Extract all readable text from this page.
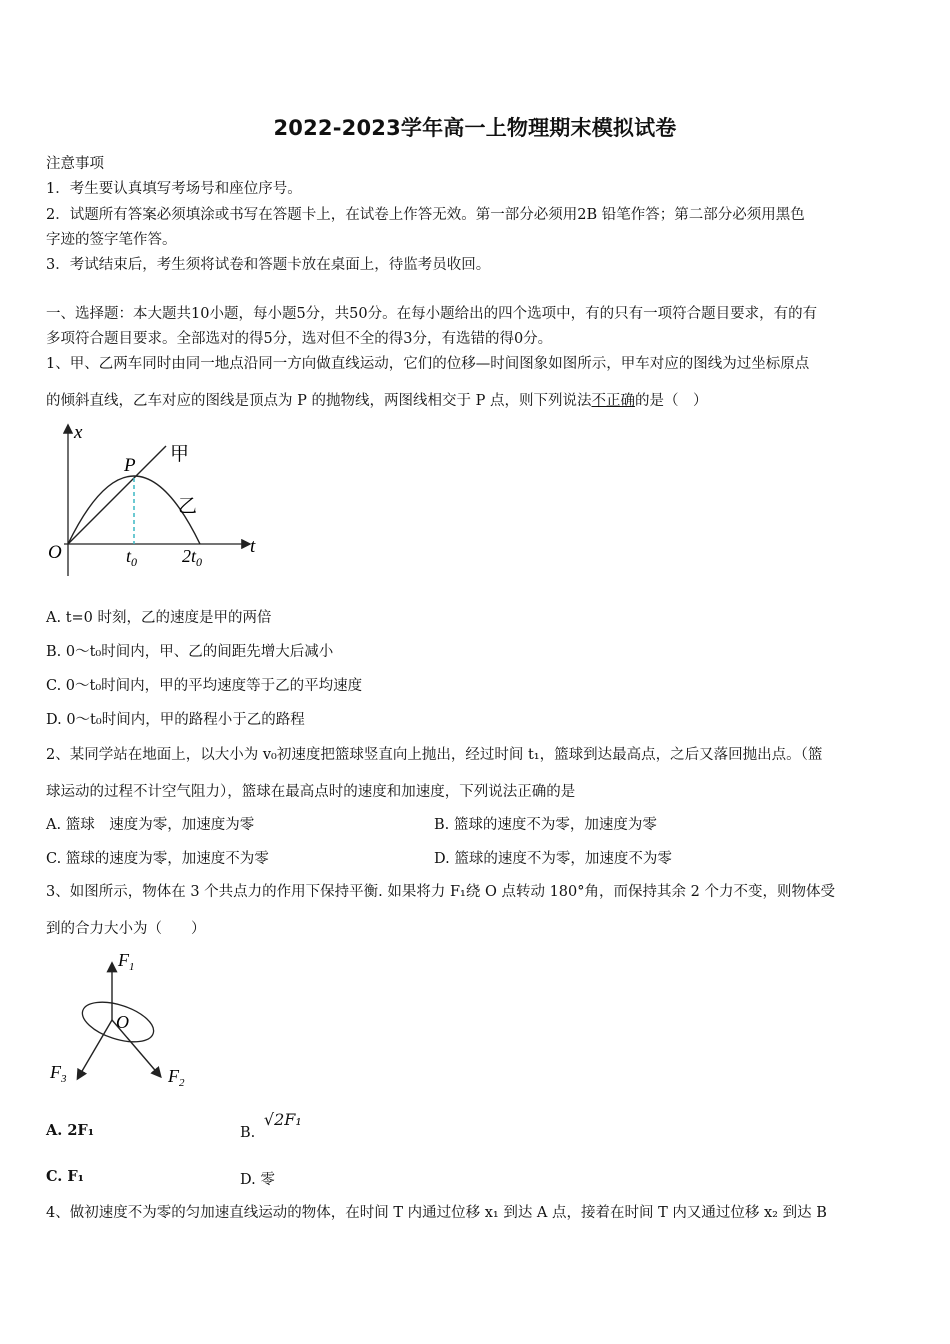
2022-2023学年高一上物理期末模拟试卷
注意事项
1．考生要认真填写考场号和座位序号。
2．试题所有答案必须填涂或书写在答题卡上，在试卷上作答无效。第一部分必须用2B 铅笔作答；第二部分必须用黑色
字迹的签字笔作答。
3．考试结束后，考生须将试卷和答题卡放在桌面上，待监考员收回。
一、选择题：本大题共10小题，每小题5分，共50分。在每小题给出的四个选项中，有的只有一项符合题目要求，有的有
多项符合题目要求。全部选对的得5分，选对但不全的得3分，有选错的得0分。
1、甲、乙两车同时由同一地点沿同一方向做直线运动，它们的位移—时间图象如图所示，甲车对应的图线为过坐标原点
的倾斜直线，乙车对应的图线是顶点为 P 的抛物线，两图线相交于 P 点，则下列说法不正确的是（　）
x
t
O
P
甲
乙
$t_0$ $2t_0$
A. t=0 时刻，乙的速度是甲的两倍
B. 0～t₀时间内，甲、乙的间距先增大后减小
C. 0～t₀时间内，甲的平均速度等于乙的平均速度
D. 0～t₀时间内，甲的路程小于乙的路程
2、某同学站在地面上，以大小为 v₀初速度把篮球竖直向上抛出，经过时间 t₁，篮球到达最高点，之后又落回抛出点。（篮
球运动的过程不计空气阻力），篮球在最高点时的速度和加速度，下列说法正确的是
A. 篮球　速度为零，加速度为零	B. 篮球的速度不为零，加速度为零
C. 篮球的速度为零，加速度不为零	D. 篮球的速度不为零，加速度不为零
3、如图所示，物体在 3 个共点力的作用下保持平衡. 如果将力 F₁绕 O 点转动 180°角，而保持其余 2 个力不变，则物体受
到的合力大小为（　　）
O
$F_1$
$F_2$
$F_3$
A. 2F₁	B. √2F₁
C. F₁	D. 零
4、做初速度不为零的匀加速直线运动的物体，在时间 T 内通过位移 x₁ 到达 A 点，接着在时间 T 内又通过位移 x₂ 到达 B
